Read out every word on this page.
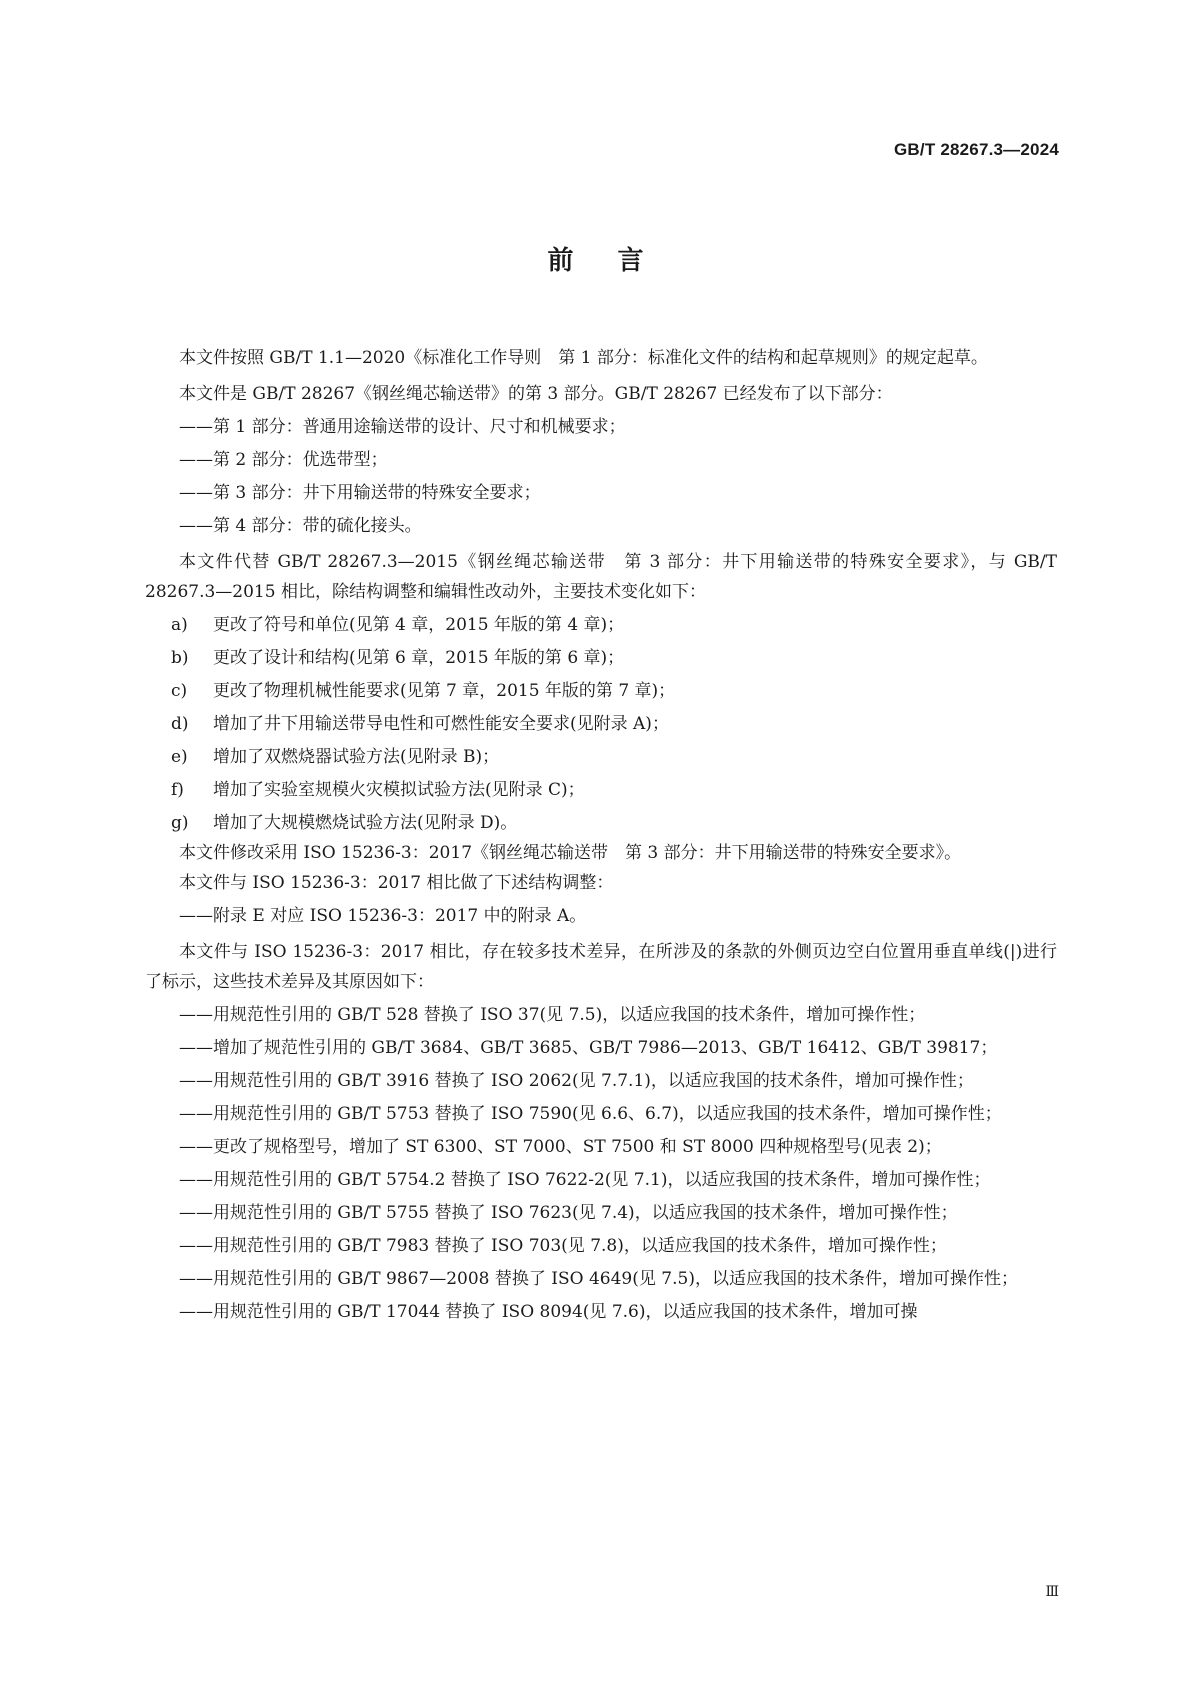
GB/T 28267.3—2024
前言

本文件按照 GB/T 1.1—2020《标准化工作导则　第 1 部分：标准化文件的结构和起草规则》的规定起草。

本文件是 GB/T 28267《钢丝绳芯输送带》的第 3 部分。GB/T 28267 已经发布了以下部分：

——第 1 部分：普通用途输送带的设计、尺寸和机械要求；

——第 2 部分：优选带型；

——第 3 部分：井下用输送带的特殊安全要求；

——第 4 部分：带的硫化接头。

本文件代替 GB/T 28267.3—2015《钢丝绳芯输送带　第 3 部分：井下用输送带的特殊安全要求》，与 GB/T 28267.3—2015 相比，除结构调整和编辑性改动外，主要技术变化如下：

a) 更改了符号和单位(见第 4 章，2015 年版的第 4 章)；

b) 更改了设计和结构(见第 6 章，2015 年版的第 6 章)；

c) 更改了物理机械性能要求(见第 7 章，2015 年版的第 7 章)；

d) 增加了井下用输送带导电性和可燃性能安全要求(见附录 A)；

e) 增加了双燃烧器试验方法(见附录 B)；

f) 增加了实验室规模火灾模拟试验方法(见附录 C)；

g) 增加了大规模燃烧试验方法(见附录 D)。

本文件修改采用 ISO 15236-3：2017《钢丝绳芯输送带　第 3 部分：井下用输送带的特殊安全要求》。

本文件与 ISO 15236-3：2017 相比做了下述结构调整：

——附录 E 对应 ISO 15236-3：2017 中的附录 A。

本文件与 ISO 15236-3：2017 相比，存在较多技术差异，在所涉及的条款的外侧页边空白位置用垂直单线(|)进行了标示，这些技术差异及其原因如下：

——用规范性引用的 GB/T 528 替换了 ISO 37(见 7.5)，以适应我国的技术条件，增加可操作性；

——增加了规范性引用的 GB/T 3684、GB/T 3685、GB/T 7986—2013、GB/T 16412、GB/T 39817；

——用规范性引用的 GB/T 3916 替换了 ISO 2062(见 7.7.1)，以适应我国的技术条件，增加可操作性；

——用规范性引用的 GB/T 5753 替换了 ISO 7590(见 6.6、6.7)，以适应我国的技术条件，增加可操作性；

——更改了规格型号，增加了 ST 6300、ST 7000、ST 7500 和 ST 8000 四种规格型号(见表 2)；

——用规范性引用的 GB/T 5754.2 替换了 ISO 7622-2(见 7.1)，以适应我国的技术条件，增加可操作性；

——用规范性引用的 GB/T 5755 替换了 ISO 7623(见 7.4)，以适应我国的技术条件，增加可操作性；

——用规范性引用的 GB/T 7983 替换了 ISO 703(见 7.8)，以适应我国的技术条件，增加可操作性；

——用规范性引用的 GB/T 9867—2008 替换了 ISO 4649(见 7.5)，以适应我国的技术条件，增加可操作性；

——用规范性引用的 GB/T 17044 替换了 ISO 8094(见 7.6)，以适应我国的技术条件，增加可操

Ⅲ
